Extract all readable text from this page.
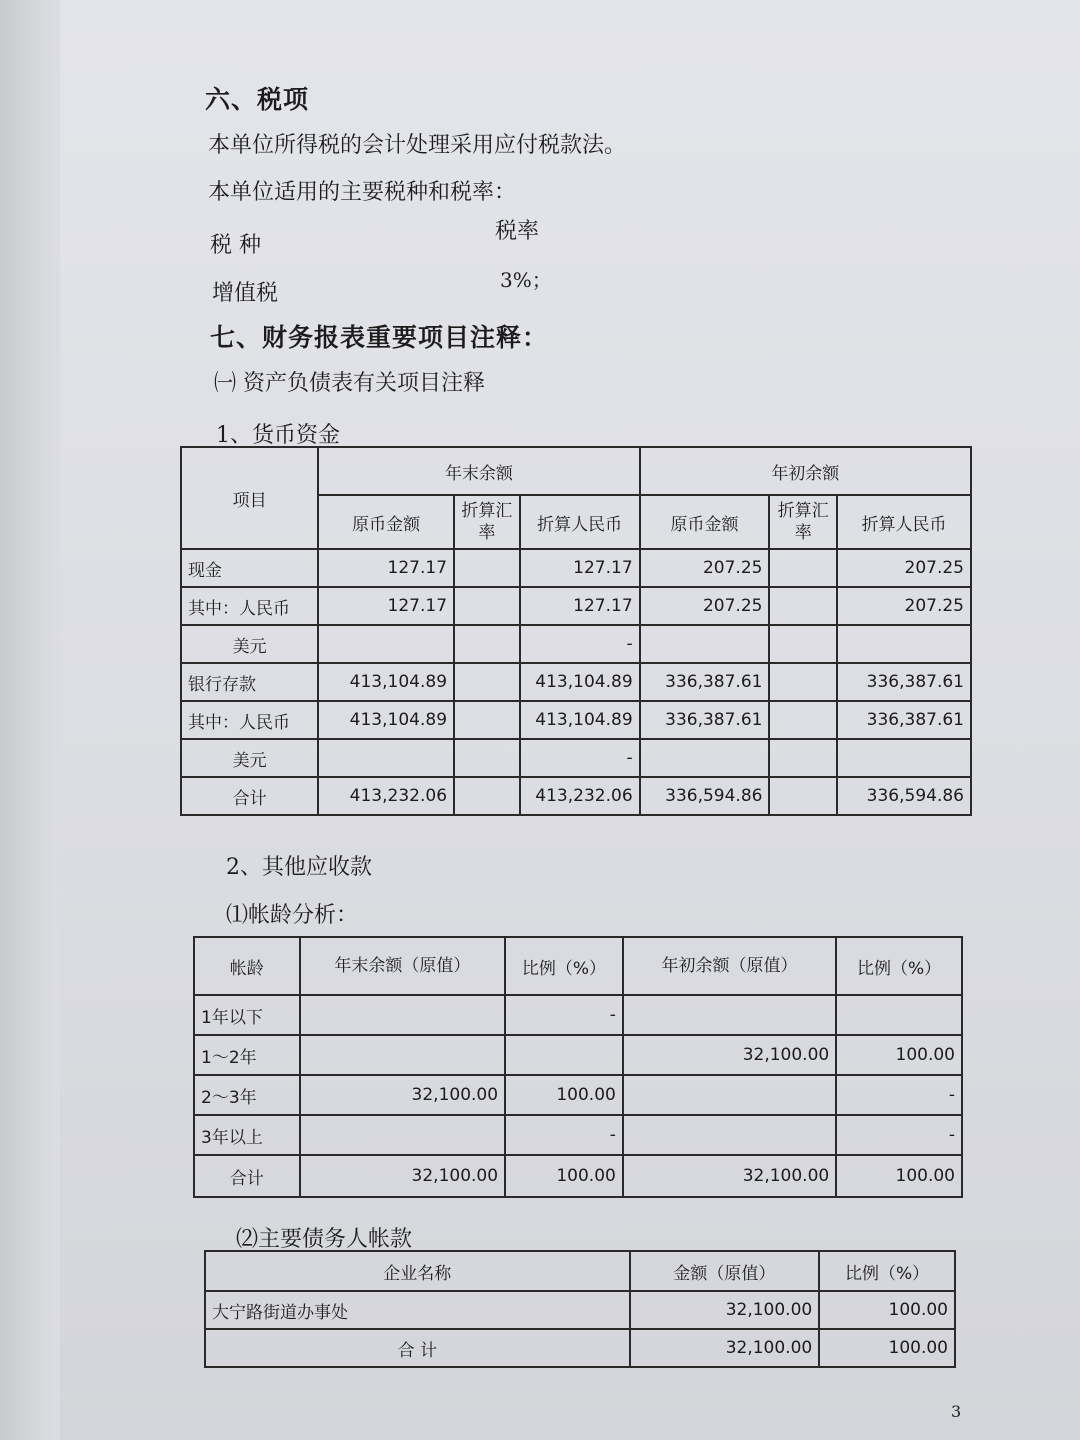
六、税项
本单位所得税的会计处理采用应付税款法。
本单位适用的主要税种和税率：
税 种
税率
增值税
3%；
七、财务报表重要项目注释：
㈠ 资产负债表有关项目注释
1、货币资金
项目	年末余额			年初余额		
	原币金额	折算汇率	折算人民币	原币金额	折算汇率	折算人民币
现金	127.17		127.17	207.25		207.25
其中：人民币	127.17		127.17	207.25		207.25
美元			-			
银行存款	413,104.89		413,104.89	336,387.61		336,387.61
其中：人民币	413,104.89		413,104.89	336,387.61		336,387.61
美元			-			
合计	413,232.06		413,232.06	336,594.86		336,594.86
2、其他应收款
⑴帐龄分析：
帐龄	年末余额（原值）	比例（%）	年初余额（原值）	比例（%）
1年以下		-		
1～2年			32,100.00	100.00
2～3年	32,100.00	100.00		-
3年以上		-		-
合计	32,100.00	100.00	32,100.00	100.00
⑵主要债务人帐款
企业名称	金额（原值）	比例（%）
大宁路街道办事处	32,100.00	100.00
合 计	32,100.00	100.00
3
